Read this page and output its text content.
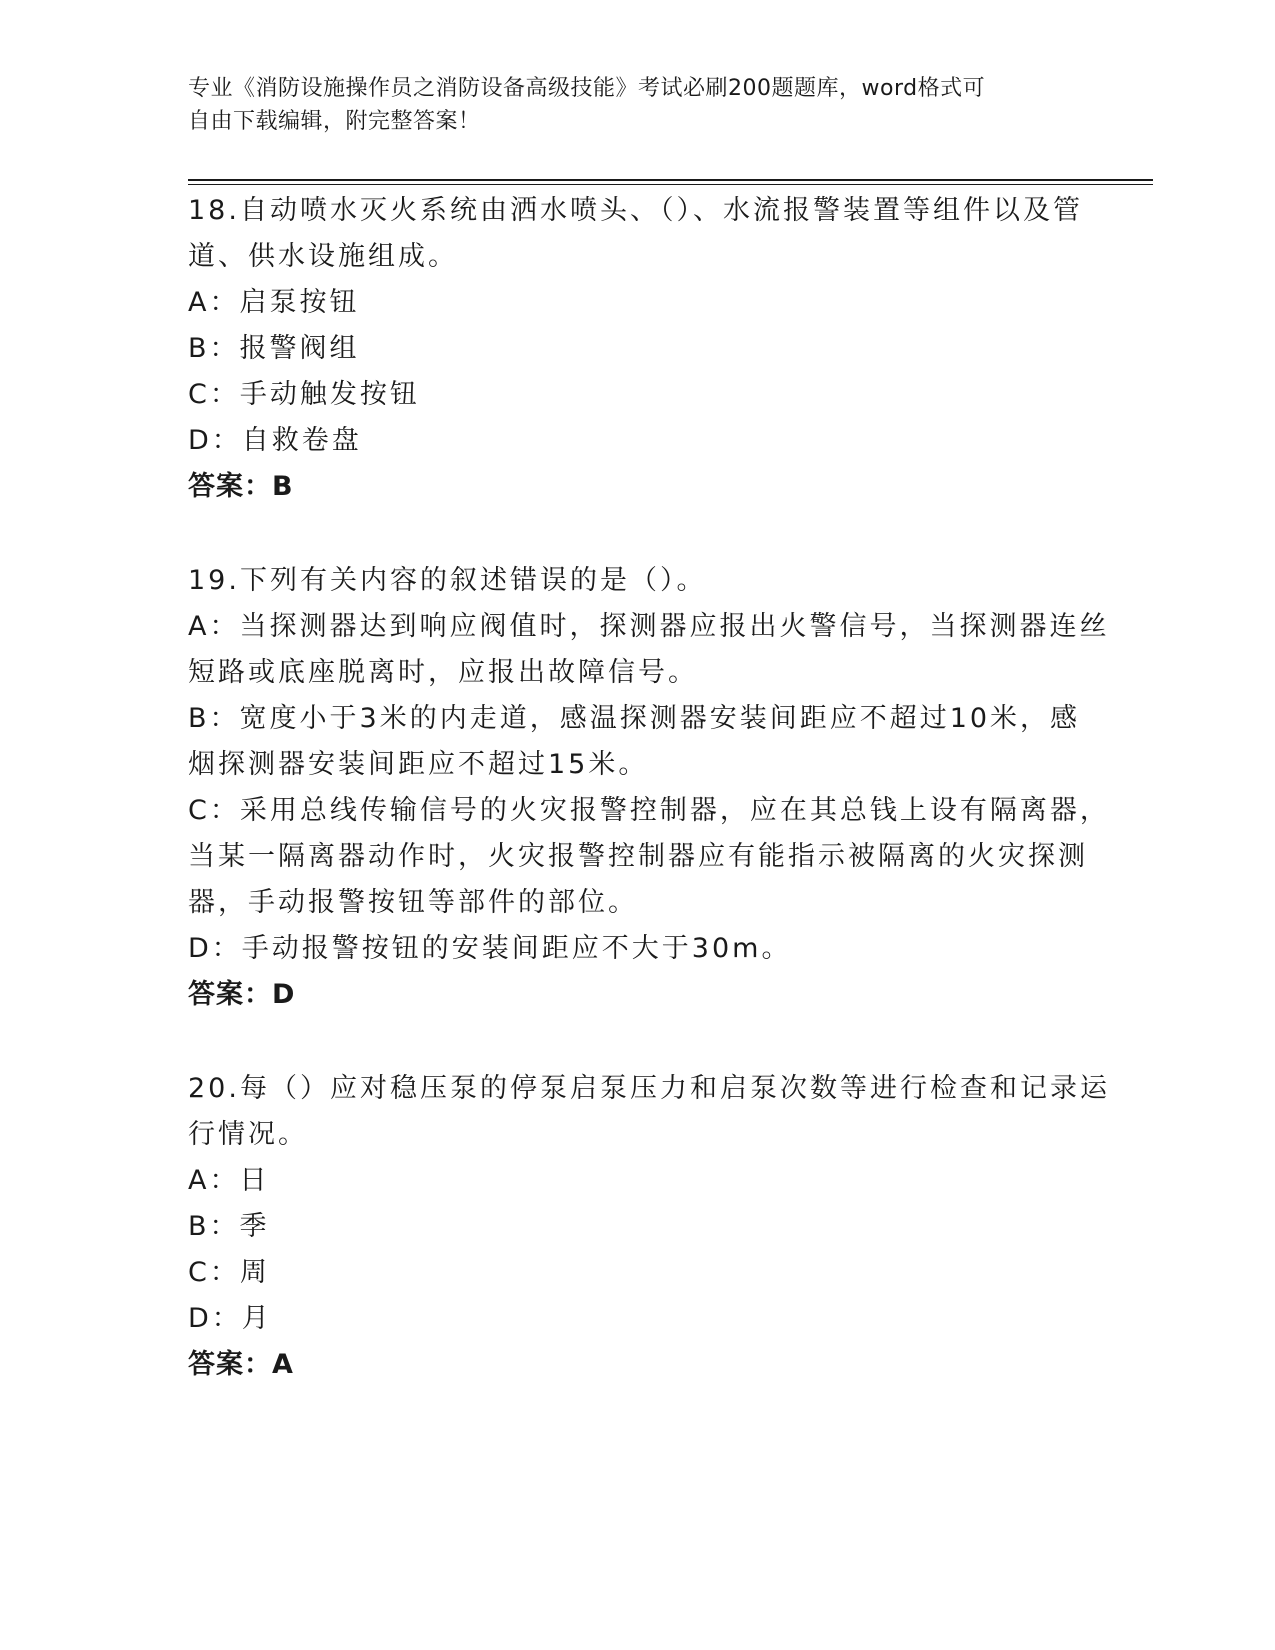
专业《消防设施操作员之消防设备高级技能》考试必刷200题题库，word格式可
自由下载编辑，附完整答案！
18.自动喷水灭火系统由洒水喷头、（）、水流报警装置等组件以及管
道、供水设施组成。
A：启泵按钮
B：报警阀组
C：手动触发按钮
D：自救卷盘
答案：B
19.下列有关内容的叙述错误的是（）。
A：当探测器达到响应阀值时，探测器应报出火警信号，当探测器连丝
短路或底座脱离时，应报出故障信号。
B：宽度小于3米的内走道，感温探测器安装间距应不超过10米，感
烟探测器安装间距应不超过15米。
C：采用总线传输信号的火灾报警控制器，应在其总钱上设有隔离器，
当某一隔离器动作时，火灾报警控制器应有能指示被隔离的火灾探测
器，手动报警按钮等部件的部位。
D：手动报警按钮的安装间距应不大于30m。
答案：D
20.每（）应对稳压泵的停泵启泵压力和启泵次数等进行检查和记录运
行情况。
A：日
B：季
C：周
D：月
答案：A
